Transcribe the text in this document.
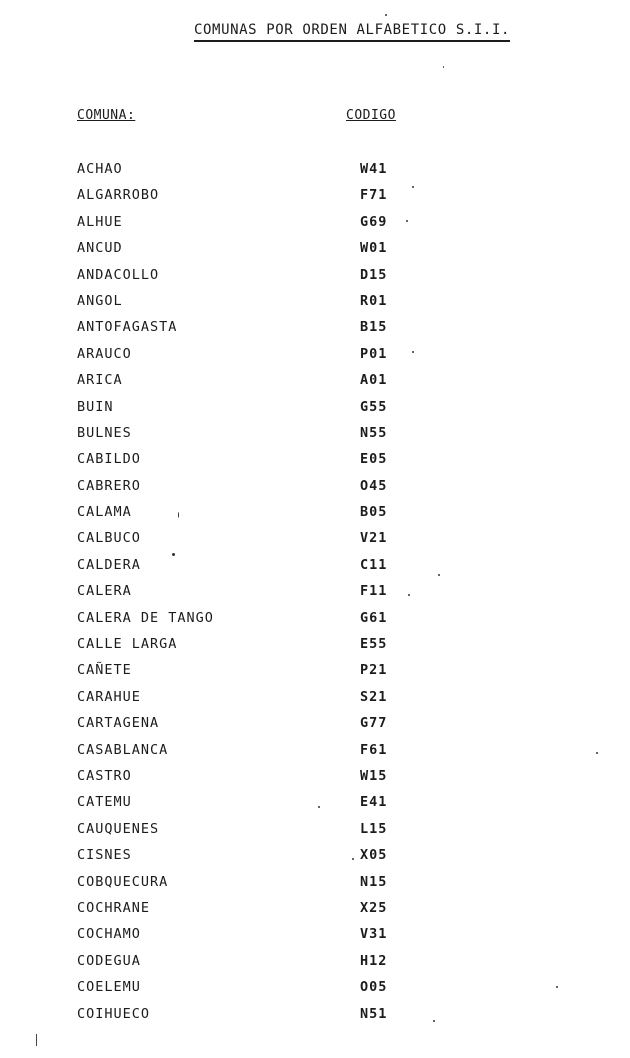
COMUNAS POR ORDEN ALFABETICO S.I.I.
COMUNA:	CODIGO
ACHAO	W41
ALGARROBO	F71
ALHUE	G69
ANCUD	W01
ANDACOLLO	D15
ANGOL	R01
ANTOFAGASTA	B15
ARAUCO	P01
ARICA	A01
BUIN	G55
BULNES	N55
CABILDO	E05
CABRERO	O45
CALAMA	B05
CALBUCO	V21
CALDERA	C11
CALERA	F11
CALERA DE TANGO	G61
CALLE LARGA	E55
CAÑETE	P21
CARAHUE	S21
CARTAGENA	G77
CASABLANCA	F61
CASTRO	W15
CATEMU	E41
CAUQUENES	L15
CISNES	X05
COBQUECURA	N15
COCHRANE	X25
COCHAMO	V31
CODEGUA	H12
COELEMU	O05
COIHUECO	N51
